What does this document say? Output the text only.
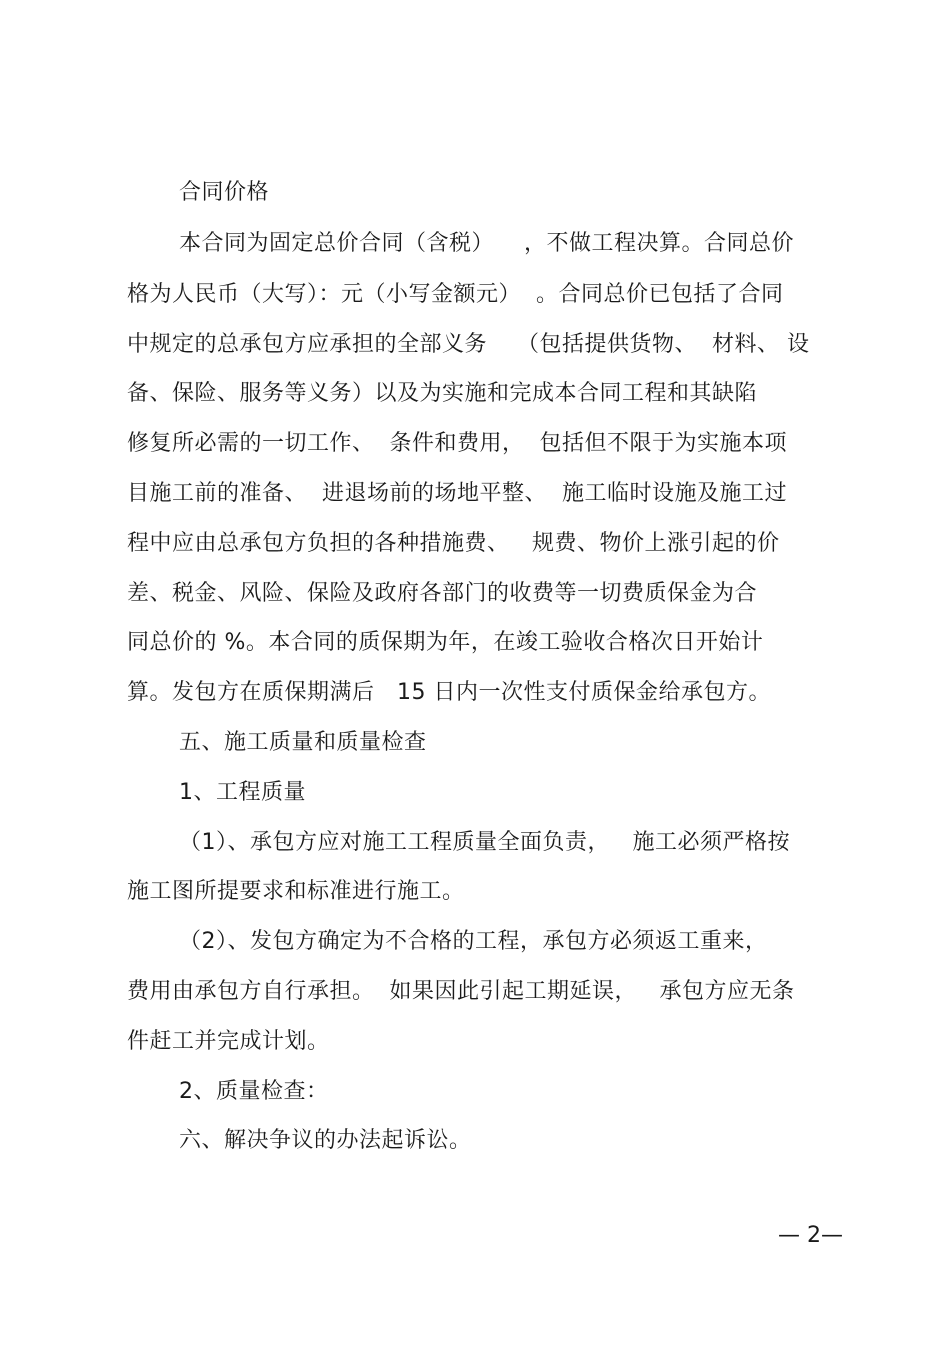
合同价格
本合同为固定总价合同（含税）    ，不做工程决算。合同总价
格为人民币（大写）：元（小写金额元）  。合同总价已包括了合同
中规定的总承包方应承担的全部义务    （包括提供货物、  材料、 设
备、保险、服务等义务）以及为实施和完成本合同工程和其缺陷
修复所必需的一切工作、  条件和费用，  包括但不限于为实施本项
目施工前的准备、  进退场前的场地平整、  施工临时设施及施工过
程中应由总承包方负担的各种措施费、   规费、物价上涨引起的价
差、税金、风险、保险及政府各部门的收费等一切费质保金为合
同总价的 %。本合同的质保期为年，在竣工验收合格次日开始计
算。发包方在质保期满后   15 日内一次性支付质保金给承包方。
五、施工质量和质量检查
1、工程质量
（1）、承包方应对施工工程质量全面负责，   施工必须严格按
施工图所提要求和标准进行施工。
（2）、发包方确定为不合格的工程，承包方必须返工重来，
费用由承包方自行承担。  如果因此引起工期延误，   承包方应无条
件赶工并完成计划。
2、质量检查：
六、解决争议的办法起诉讼。
— 2—
